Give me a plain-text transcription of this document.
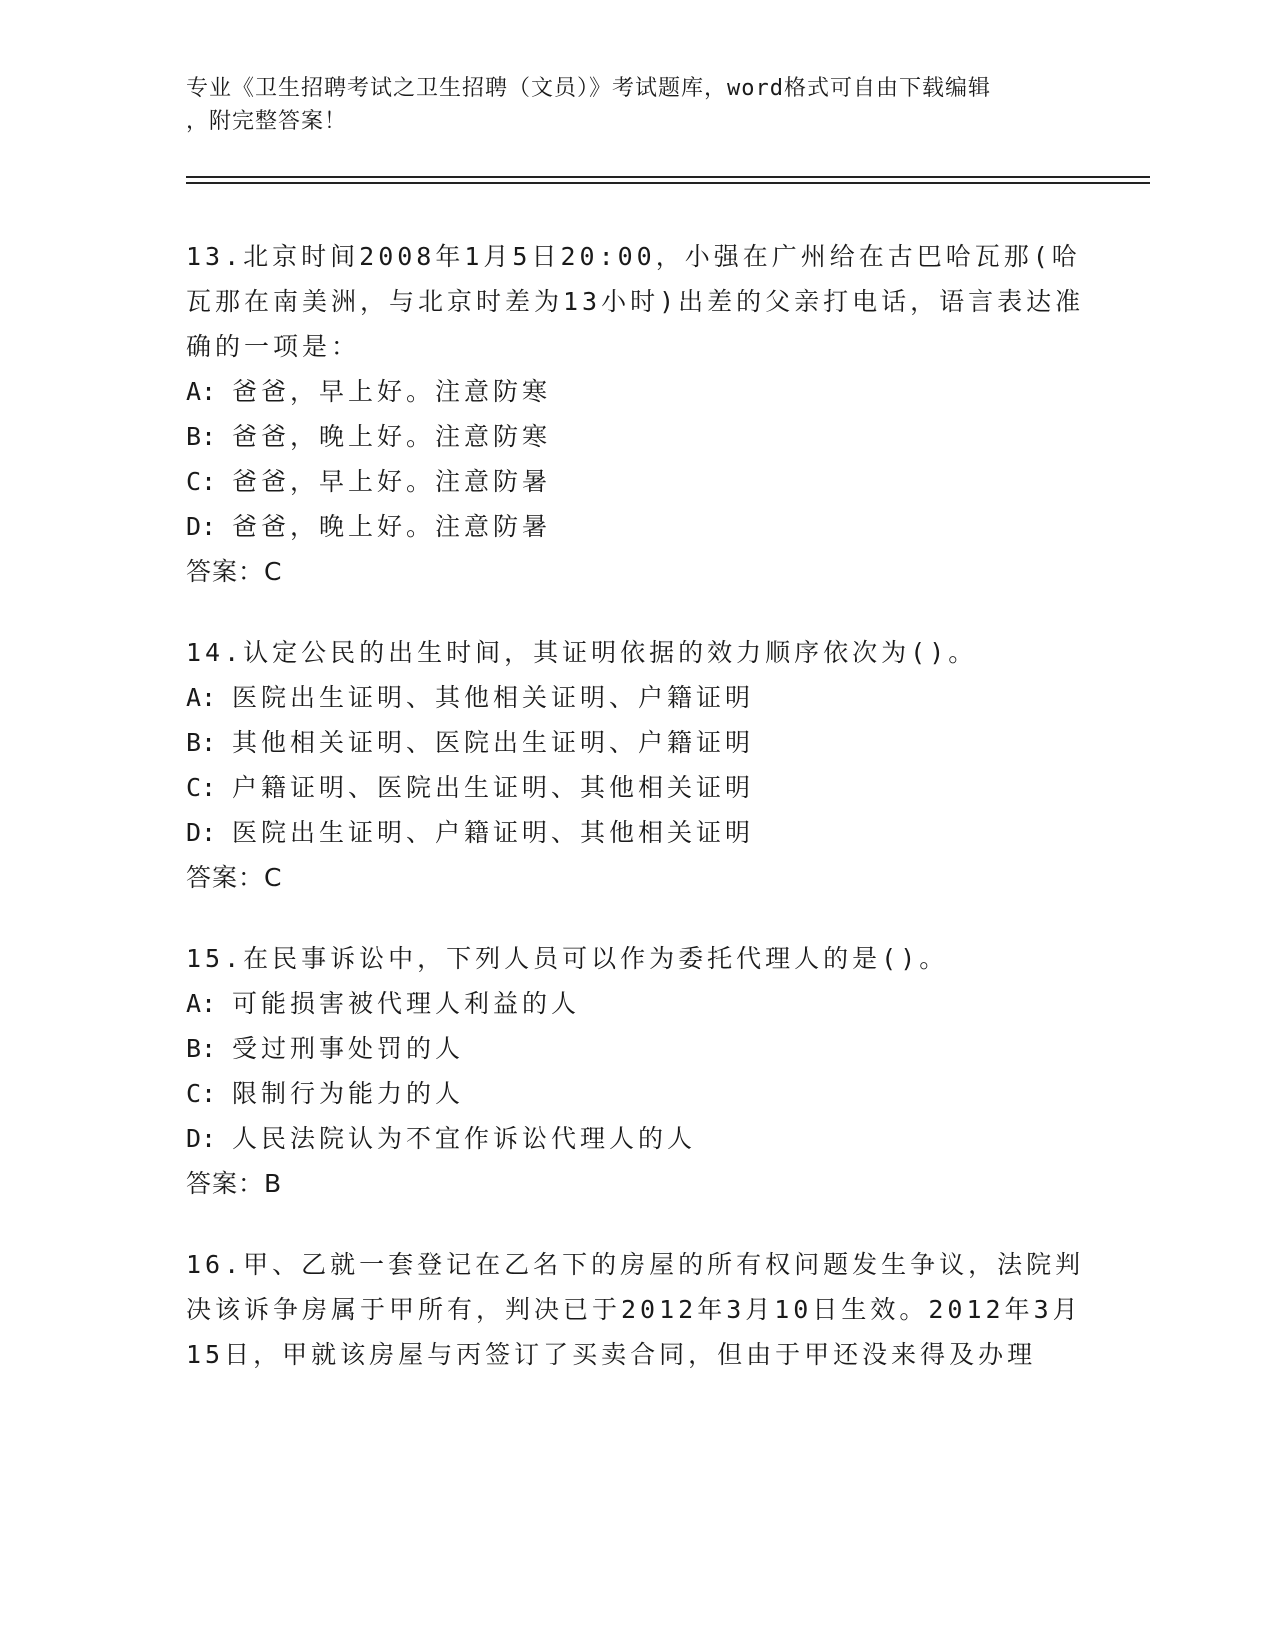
专业《卫生招聘考试之卫生招聘（文员）》考试题库，word格式可自由下载编辑
，附完整答案！

13.北京时间2008年1月5日20:00，小强在广州给在古巴哈瓦那(哈瓦那在南美洲，与北京时差为13小时)出差的父亲打电话，语言表达准确的一项是：

A: 爸爸，早上好。注意防寒

B: 爸爸，晚上好。注意防寒

C: 爸爸，早上好。注意防暑

D: 爸爸，晚上好。注意防暑

答案：C

14.认定公民的出生时间，其证明依据的效力顺序依次为()。

A: 医院出生证明、其他相关证明、户籍证明

B: 其他相关证明、医院出生证明、户籍证明

C: 户籍证明、医院出生证明、其他相关证明

D: 医院出生证明、户籍证明、其他相关证明

答案：C

15.在民事诉讼中，下列人员可以作为委托代理人的是()。

A: 可能损害被代理人利益的人

B: 受过刑事处罚的人

C: 限制行为能力的人

D: 人民法院认为不宜作诉讼代理人的人

答案：B

16.甲、乙就一套登记在乙名下的房屋的所有权问题发生争议，法院判决该诉争房属于甲所有，判决已于2012年3月10日生效。2012年3月15日，甲就该房屋与丙签订了买卖合同，但由于甲还没来得及办理
